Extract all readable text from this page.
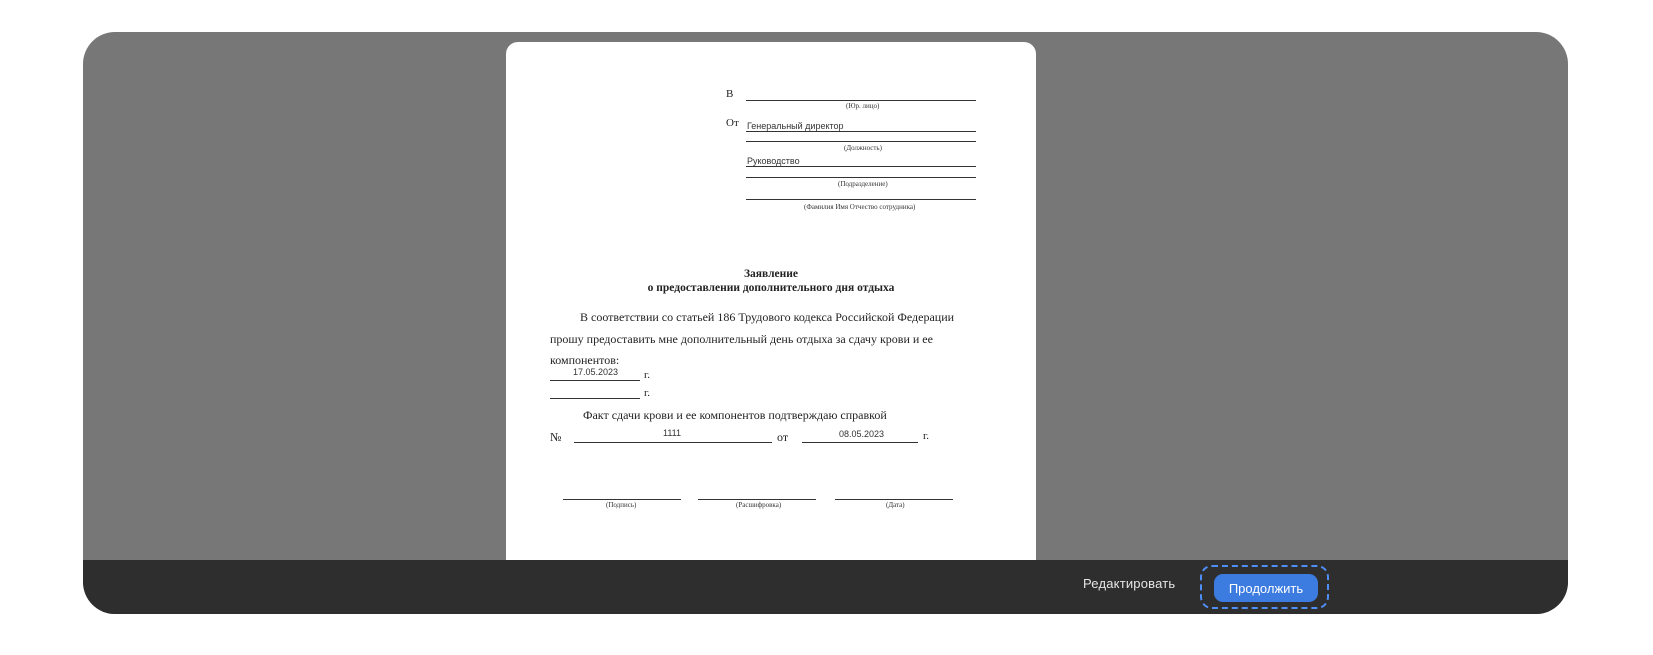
В
(Юр. лицо)
От Генеральный директор
(Должность)
Руководство
(Подразделение)
(Фамилия Имя Отчество сотрудника)
Заявление
о предоставлении дополнительного дня отдыха
В соответствии со статьей 186 Трудового кодекса Российской Федерации
прошу предоставить мне дополнительный день отдыха за сдачу крови и ее
компонентов:
17.05.2023 г.
г.
Факт сдачи крови и ее компонентов подтверждаю справкой
№	1111	от	08.05.2023	г.
(Подпись)	(Расшифровка)	(Дата)
Редактировать	Продолжить
